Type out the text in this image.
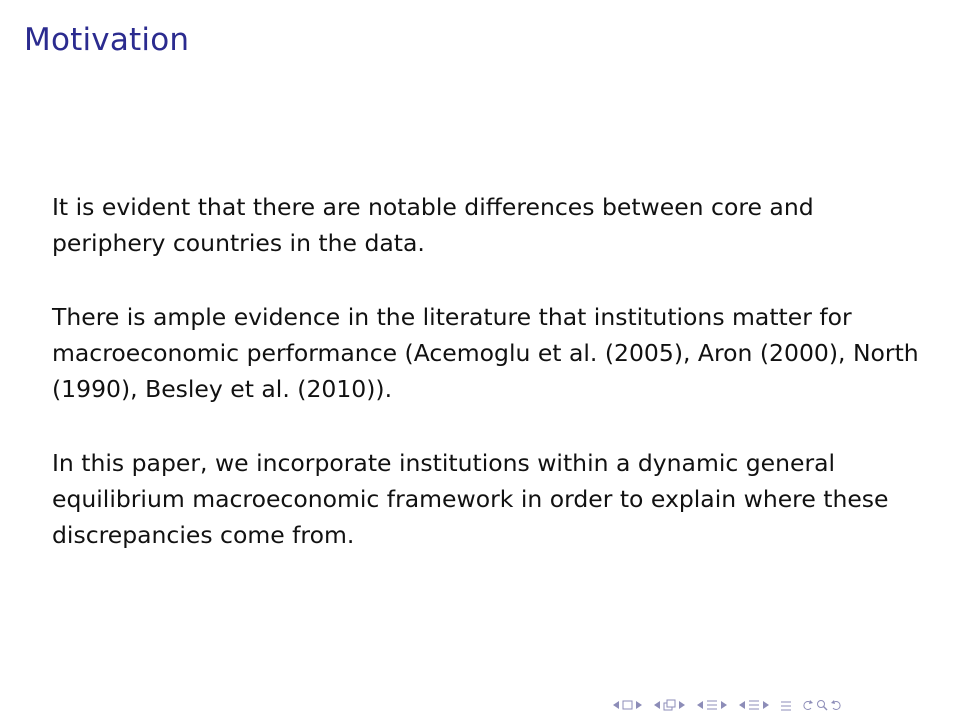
Motivation

It is evident that there are notable differences between core and periphery countries in the data.

There is ample evidence in the literature that institutions matter for macroeconomic performance (Acemoglu et al. (2005), Aron (2000), North (1990), Besley et al. (2010)).

In this paper, we incorporate institutions within a dynamic general equilibrium macroeconomic framework in order to explain where these discrepancies come from.
